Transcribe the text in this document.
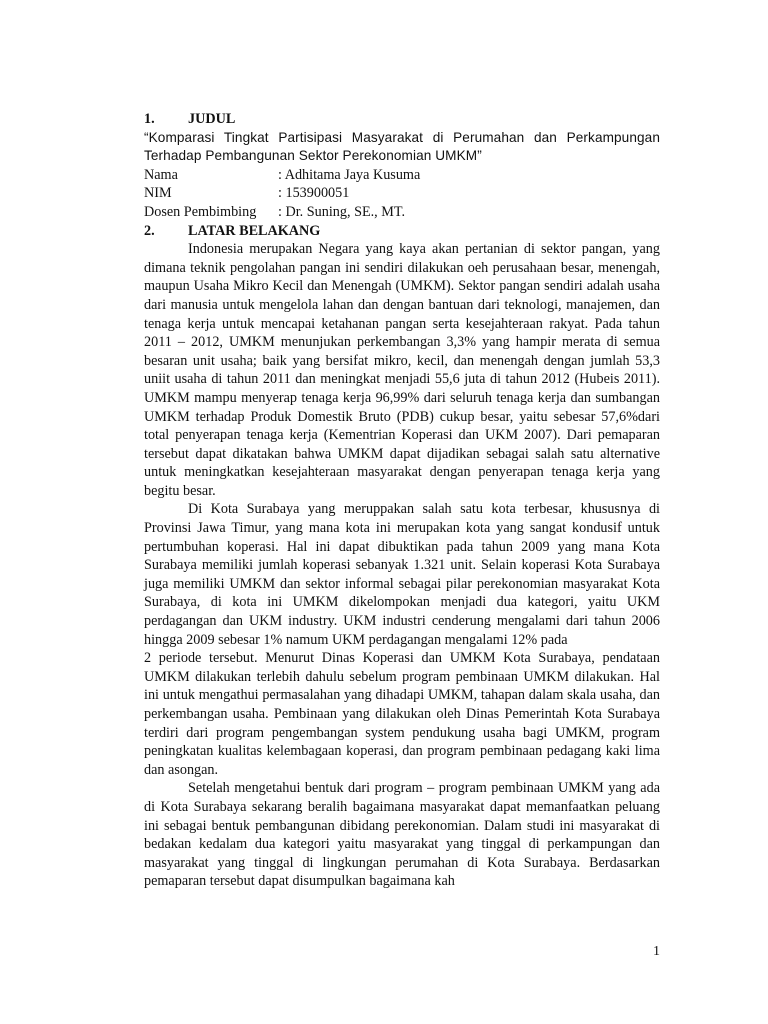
1.	JUDUL
“Komparasi Tingkat Partisipasi Masyarakat di Perumahan dan Perkampungan Terhadap Pembangunan Sektor Perekonomian UMKM”
Nama	: Adhitama Jaya Kusuma
NIM	: 153900051
Dosen Pembimbing	: Dr. Suning, SE., MT.
2.	LATAR BELAKANG

Indonesia merupakan Negara yang kaya akan pertanian di sektor pangan, yang dimana teknik pengolahan pangan ini sendiri dilakukan oeh perusahaan besar, menengah, maupun Usaha Mikro Kecil dan Menengah (UMKM). Sektor pangan sendiri adalah usaha dari manusia untuk mengelola lahan dan dengan bantuan dari teknologi, manajemen, dan tenaga kerja untuk mencapai ketahanan pangan serta kesejahteraan rakyat. Pada tahun 2011 – 2012, UMKM menunjukan perkembangan 3,3% yang hampir merata di semua besaran unit usaha; baik yang bersifat mikro, kecil, dan menengah dengan jumlah 53,3 uniit usaha di tahun 2011 dan meningkat menjadi 55,6 juta di tahun 2012 (Hubeis 2011). UMKM mampu menyerap tenaga kerja 96,99% dari seluruh tenaga kerja dan sumbangan UMKM terhadap Produk Domestik Bruto (PDB) cukup besar, yaitu sebesar 57,6%dari total penyerapan tenaga kerja (Kementrian Koperasi dan UKM 2007). Dari pemaparan tersebut dapat dikatakan bahwa UMKM dapat dijadikan sebagai salah satu alternative untuk meningkatkan kesejahteraan masyarakat dengan penyerapan tenaga kerja yang begitu besar.

Di Kota Surabaya yang meruppakan salah satu kota terbesar, khususnya di Provinsi Jawa Timur, yang mana kota ini merupakan kota yang sangat kondusif untuk pertumbuhan koperasi. Hal ini dapat dibuktikan pada tahun 2009 yang mana Kota Surabaya memiliki jumlah koperasi sebanyak 1.321 unit. Selain koperasi Kota Surabaya juga memiliki UMKM dan sektor informal sebagai pilar perekonomian masyarakat Kota Surabaya, di kota ini UMKM dikelompokan menjadi dua kategori, yaitu UKM perdagangan dan UKM industry. UKM industri cenderung mengalami dari tahun 2006 hingga 2009 sebesar 1% namum UKM perdagangan mengalami 12% pada

2 periode tersebut. Menurut Dinas Koperasi dan UMKM Kota Surabaya, pendataan UMKM dilakukan terlebih dahulu sebelum program pembinaan UMKM dilakukan. Hal ini untuk mengathui permasalahan yang dihadapi UMKM, tahapan dalam skala usaha, dan perkembangan usaha. Pembinaan yang dilakukan oleh Dinas Pemerintah Kota Surabaya terdiri dari program pengembangan system pendukung usaha bagi UMKM, program peningkatan kualitas kelembagaan koperasi, dan program pembinaan pedagang kaki lima dan asongan.

Setelah mengetahui bentuk dari program – program pembinaan UMKM yang ada di Kota Surabaya sekarang beralih bagaimana masyarakat dapat memanfaatkan peluang ini sebagai bentuk pembangunan dibidang perekonomian. Dalam studi ini masyarakat di bedakan kedalam dua kategori yaitu masyarakat yang tinggal di perkampungan dan masyarakat yang tinggal di lingkungan perumahan di Kota Surabaya. Berdasarkan pemaparan tersebut dapat disumpulkan bagaimana kah

1
